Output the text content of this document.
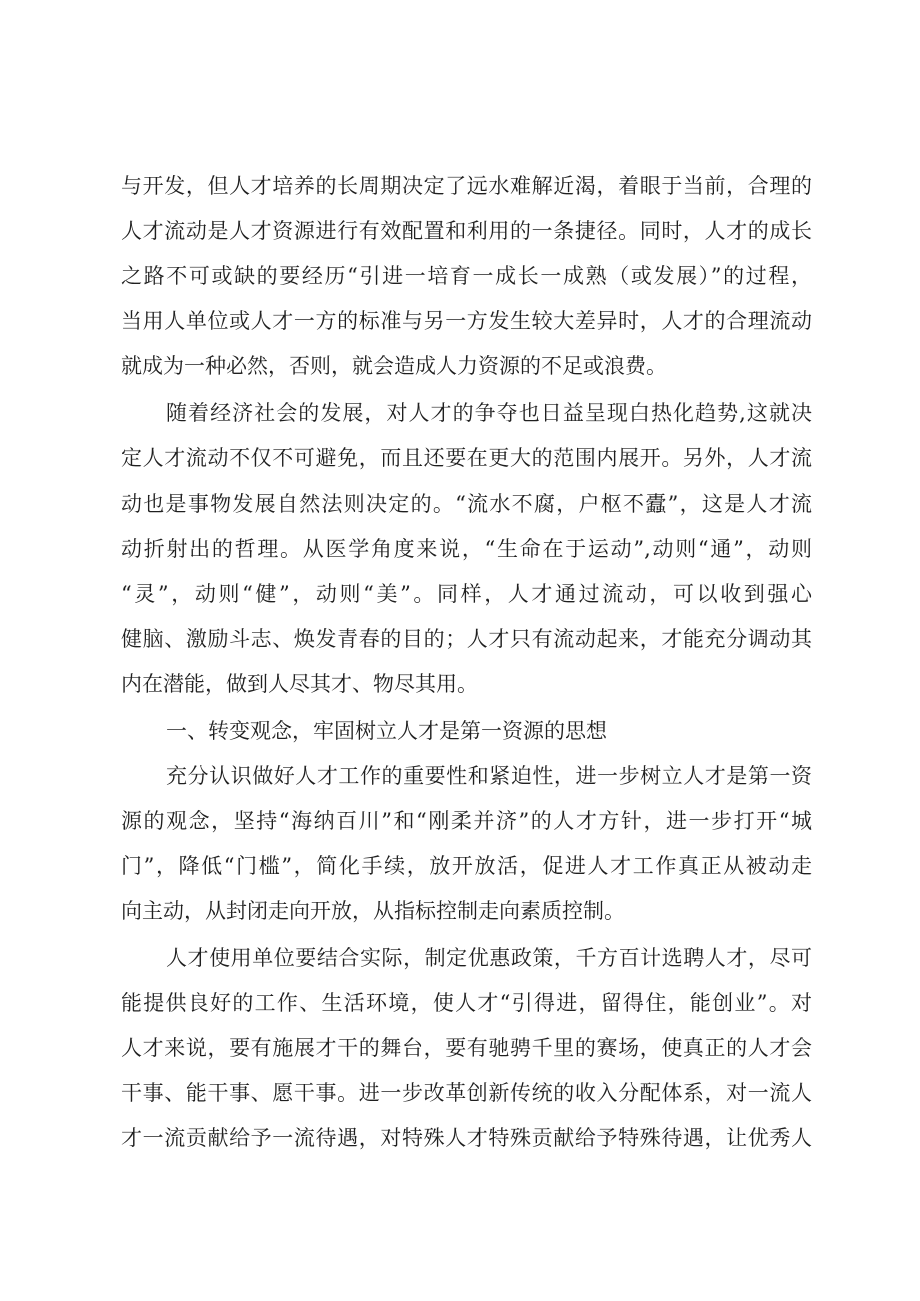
与开发，但人才培养的长周期决定了远水难解近渴，着眼于当前，合理的
人才流动是人才资源进行有效配置和利用的一条捷径。同时，人才的成长
之路不可或缺的要经历“引进一培育一成长一成熟（或发展）”的过程，
当用人单位或人才一方的标准与另一方发生较大差异时，人才的合理流动
就成为一种必然，否则，就会造成人力资源的不足或浪费。
随着经济社会的发展，对人才的争夺也日益呈现白热化趋势,这就决
定人才流动不仅不可避免，而且还要在更大的范围内展开。另外，人才流
动也是事物发展自然法则决定的。“流水不腐，户枢不蠹”，这是人才流
动折射出的哲理。从医学角度来说，“生命在于运动”,动则“通”，动则
“灵”，动则“健”，动则“美”。同样，人才通过流动，可以收到强心
健脑、激励斗志、焕发青春的目的；人才只有流动起来，才能充分调动其
内在潜能，做到人尽其才、物尽其用。
一、转变观念，牢固树立人才是第一资源的思想
充分认识做好人才工作的重要性和紧迫性，进一步树立人才是第一资
源的观念，坚持“海纳百川”和“刚柔并济”的人才方针，进一步打开“城
门”，降低“门槛”，简化手续，放开放活，促进人才工作真正从被动走
向主动，从封闭走向开放，从指标控制走向素质控制。
人才使用单位要结合实际，制定优惠政策，千方百计选聘人才，尽可
能提供良好的工作、生活环境，使人才“引得进，留得住，能创业”。对
人才来说，要有施展才干的舞台，要有驰骋千里的赛场，使真正的人才会
干事、能干事、愿干事。进一步改革创新传统的收入分配体系，对一流人
才一流贡献给予一流待遇，对特殊人才特殊贡献给予特殊待遇，让优秀人
